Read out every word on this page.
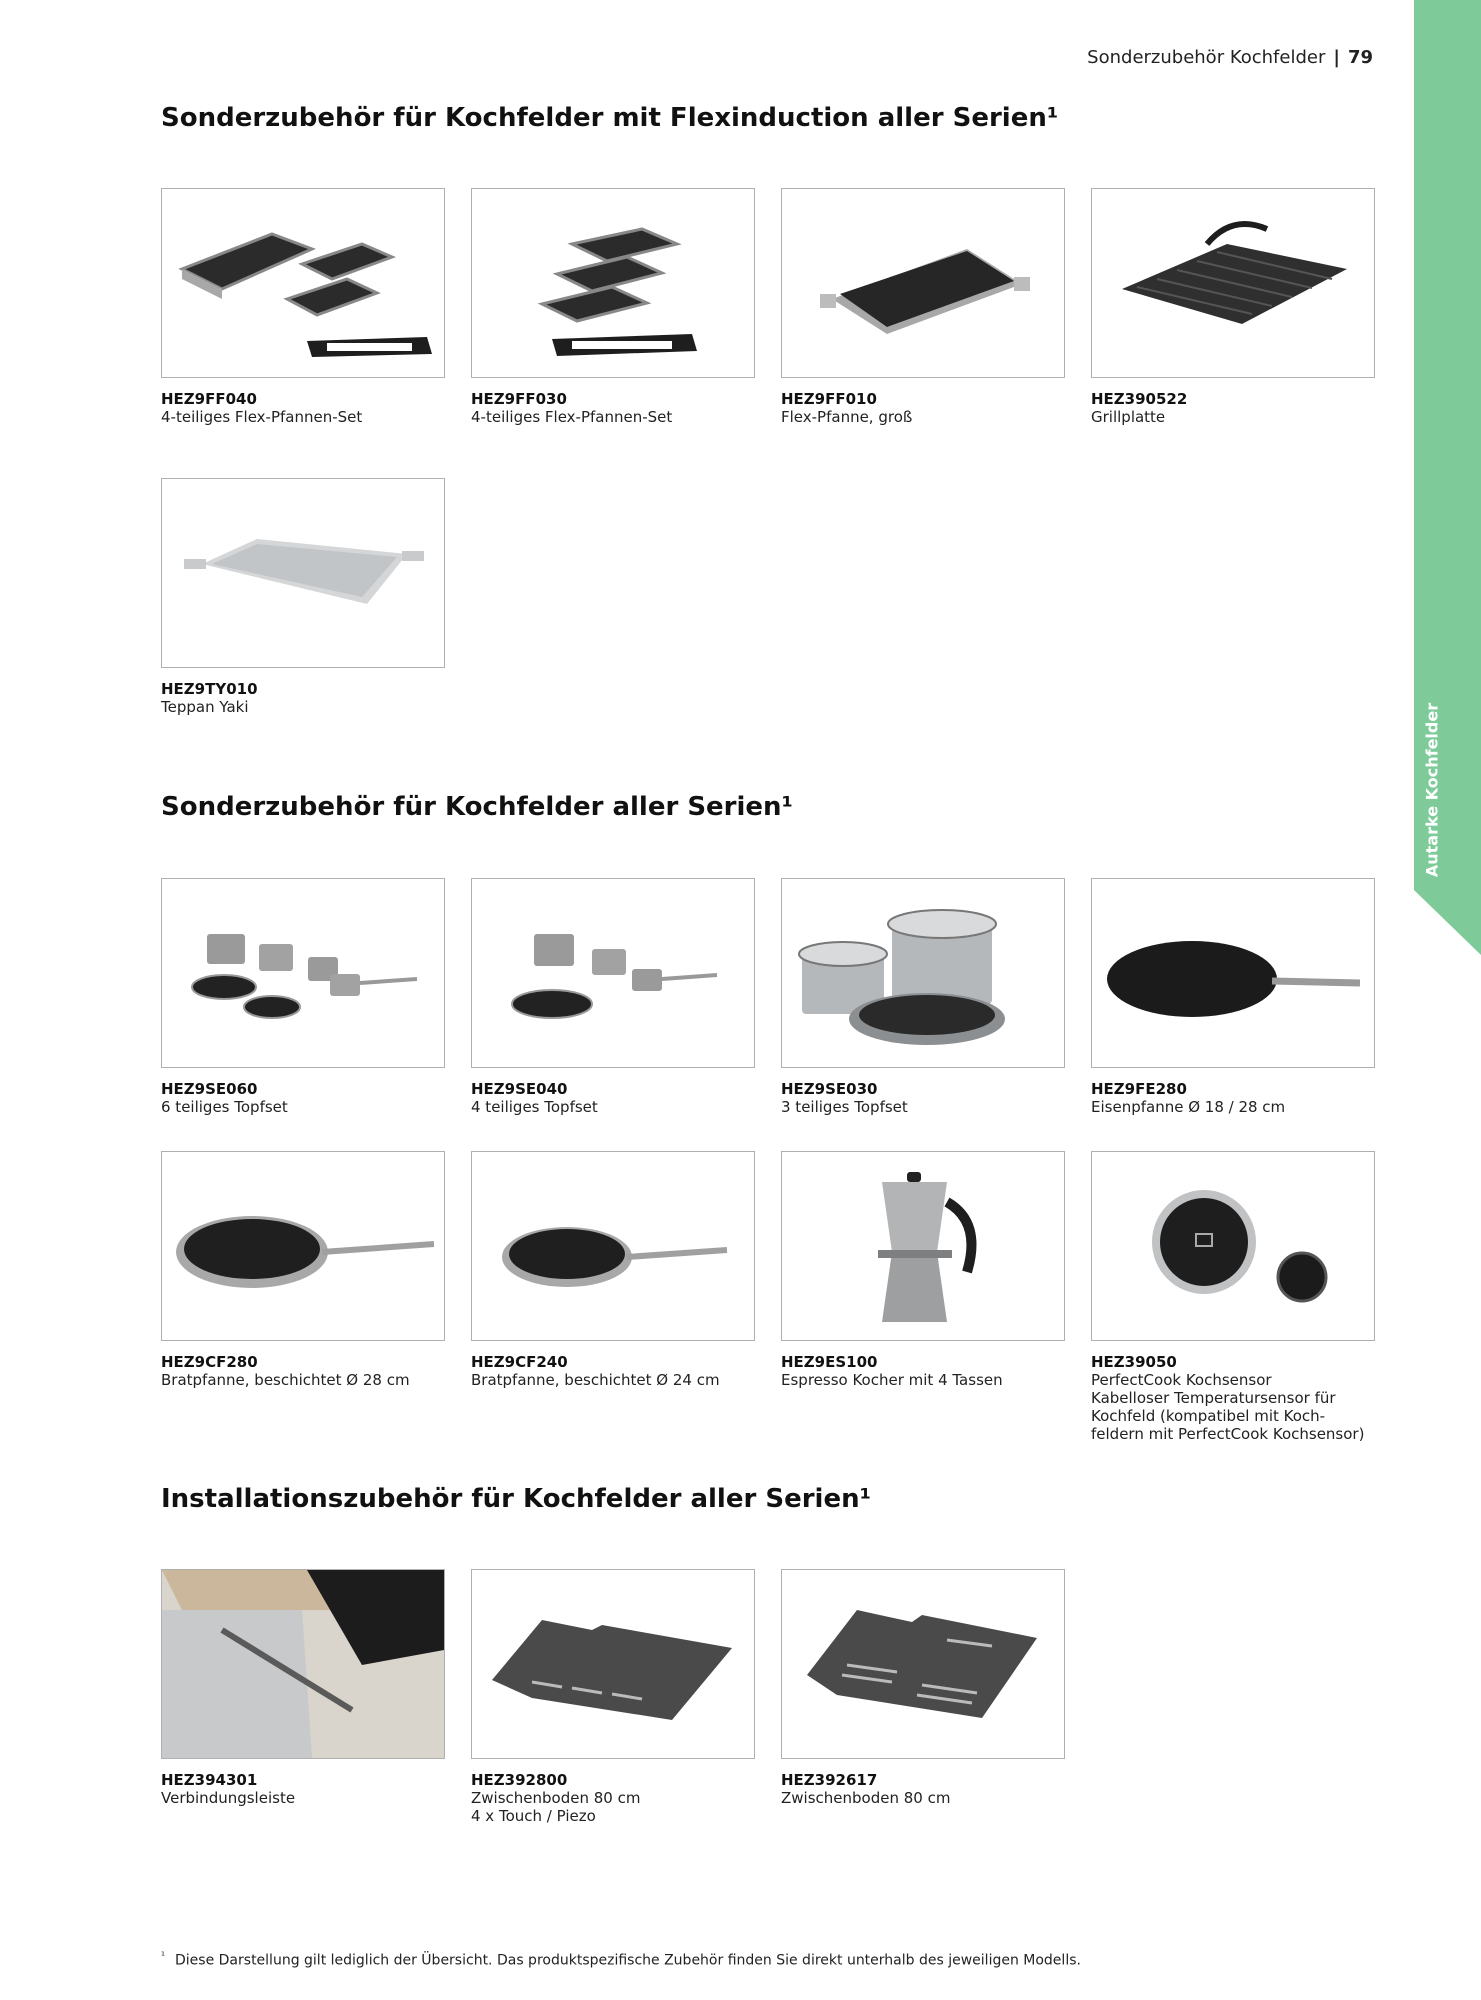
Sonderzubehör Kochfelder | 79
Autarke Kochfelder
Sonderzubehör für Kochfelder mit Flexinduction aller Serien¹
HEZ9FF040
4-teiliges Flex-Pfannen-Set
HEZ9FF030
4-teiliges Flex-Pfannen-Set
HEZ9FF010
Flex-Pfanne, groß
HEZ390522
Grillplatte
HEZ9TY010
Teppan Yaki
Sonderzubehör für Kochfelder aller Serien¹
HEZ9SE060
6 teiliges Topfset
HEZ9SE040
4 teiliges Topfset
HEZ9SE030
3 teiliges Topfset
HEZ9FE280
Eisenpfanne Ø 18 / 28 cm
HEZ9CF280
Bratpfanne, beschichtet Ø 28 cm
HEZ9CF240
Bratpfanne, beschichtet Ø 24 cm
HEZ9ES100
Espresso Kocher mit 4 Tassen
HEZ39050
PerfectCook Kochsensor
Kabelloser Temperatursensor für
Kochfeld (kompatibel mit Koch-
feldern mit PerfectCook Kochsensor)
Installationszubehör für Kochfelder aller Serien¹
HEZ394301
Verbindungsleiste
HEZ392800
Zwischenboden 80 cm
4 x Touch / Piezo
HEZ392617
Zwischenboden 80 cm
$^{^1}$ Diese Darstellung gilt lediglich der Übersicht. Das produktspezifische Zubehör finden Sie direkt unterhalb des jeweiligen Modells.
